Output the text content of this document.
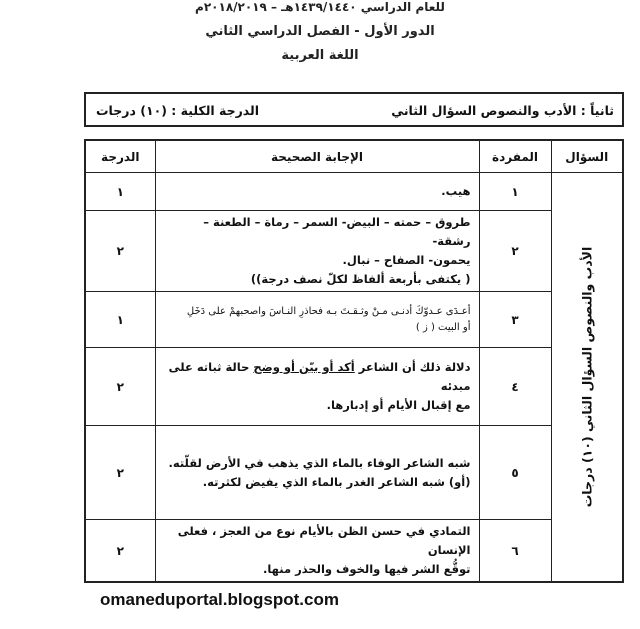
للعام الدراسي ١٤٣٩/١٤٤٠هـ – ٢٠١٨/٢٠١٩م
الدور الأول - الفصل الدراسي الثاني
اللغة العربية
ثانياً : الأدب والنصوص السؤال الثاني
الدرجة الكلية : (١٠) درجات
السؤال	المفردة	الإجابة الصحيحة	الدرجة

الأدب والنصوص السؤال الثاني (١٠) درجات	١	هيب.	١
	٢	طروق – حمته – البيض- السمر – رماة – الطعنة – رشقة-
يحمون- الصفاح – نبال.
( يكتفى بأربعة ألفاظ لكلّ نصف درجة))	٢
	٣	أعـدَى عـدوّكَ أدنـى مـنْ وثـقـتَ بـه فحاذرِ النـاسَ واصحبهمْ على دَخَلِ
أو البيت ( ز )	١
	٤	دلالة ذلك أن الشاعر أكد أو بيّن أو وضح حالة ثباته على مبدئه
مع إقبال الأيام أو إدبارها.	٢
	٥	شبه الشاعر الوفاء بالماء الذي يذهب في الأرض لقلّته.
(أو) شبه الشاعر الغدر بالماء الذي يفيض لكثرته.	٢
	٦	التمادي في حسن الظن بالأيام نوع من العجز ، فعلى الإنسان
توقُّع الشر فيها والخوف والحذر منها.	٢
omaneduportal.blogspot.com
